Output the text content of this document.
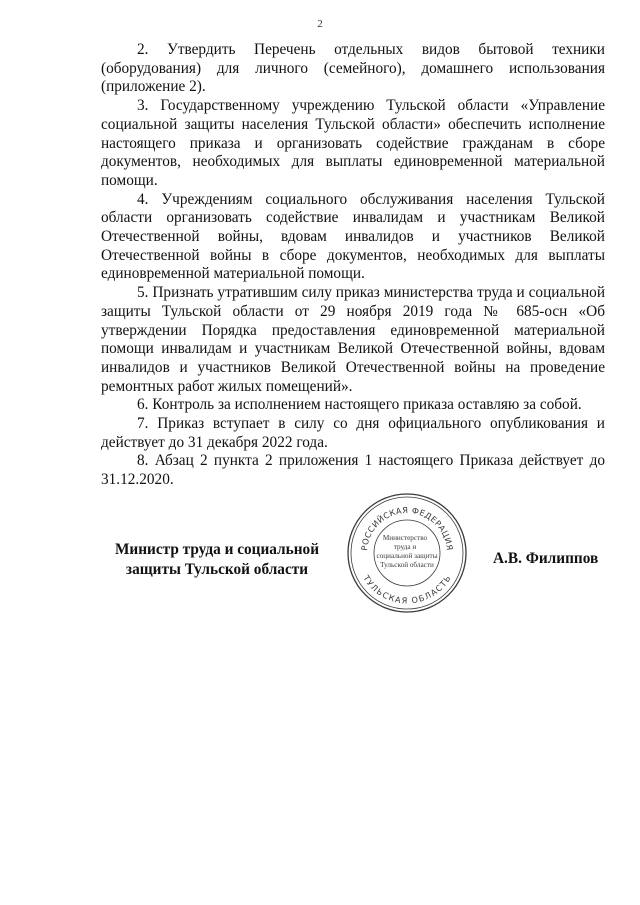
2

2. Утвердить Перечень отдельных видов бытовой техники (оборудования) для личного (семейного), домашнего использования (приложение 2).

3. Государственному учреждению Тульской области «Управление социальной защиты населения Тульской области» обеспечить исполнение настоящего приказа и организовать содействие гражданам в сборе документов, необходимых для выплаты единовременной материальной помощи.

4. Учреждениям социального обслуживания населения Тульской области организовать содействие инвалидам и участникам Великой Отечественной войны, вдовам инвалидов и участников Великой Отечественной войны в сборе документов, необходимых для выплаты единовременной материальной помощи.

5. Признать утратившим силу приказ министерства труда и социальной защиты Тульской области от 29 ноября 2019 года № 685-осн «Об утверждении Порядка предоставления единовременной материальной помощи инвалидам и участникам Великой Отечественной войны, вдовам инвалидов и участников Великой Отечественной войны на проведение ремонтных работ жилых помещений».

6. Контроль за исполнением настоящего приказа оставляю за собой.

7. Приказ вступает в силу со дня официального опубликования и действует до 31 декабря 2022 года.

8. Абзац 2 пункта 2 приложения 1 настоящего Приказа действует до 31.12.2020.

Министр труда и социальной
защиты Тульской области
РОССИЙСКАЯ ФЕДЕРАЦИЯ
ТУЛЬСКАЯ ОБЛАСТЬ
Министерство
труда и
социальной защиты
Тульской области	А.В. Филиппов
